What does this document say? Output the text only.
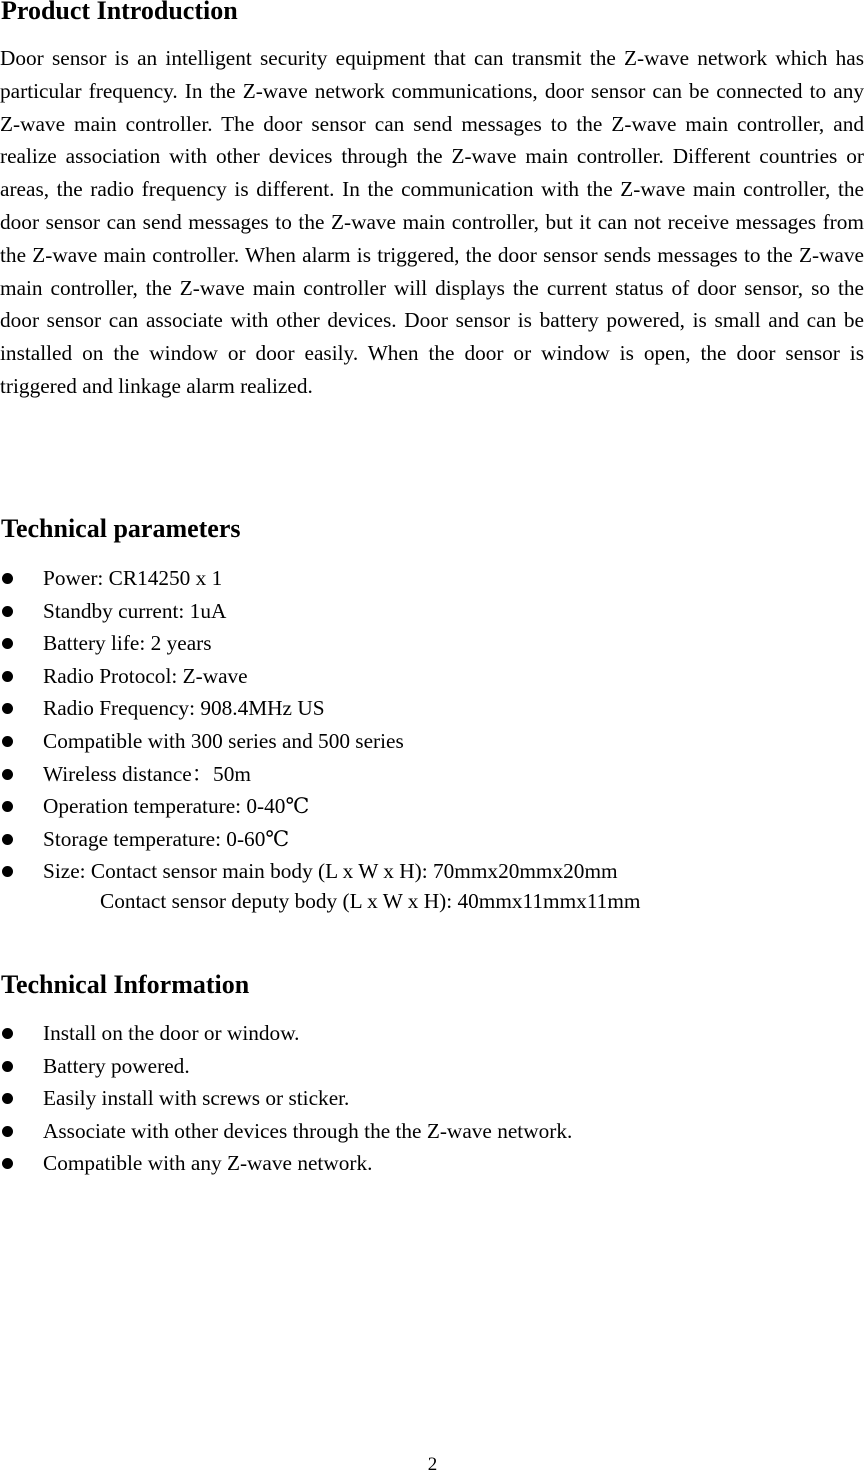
Product Introduction

Door sensor is an intelligent security equipment that can transmit the Z-wave network which has particular frequency. In the Z-wave network communications, door sensor can be connected to any Z-wave main controller. The door sensor can send messages to the Z-wave main controller, and realize association with other devices through the Z-wave main controller. Different countries or areas, the radio frequency is different. In the communication with the Z-wave main controller, the door sensor can send messages to the Z-wave main controller, but it can not receive messages from the Z-wave main controller. When alarm is triggered, the door sensor sends messages to the Z-wave main controller, the Z-wave main controller will displays the current status of door sensor, so the door sensor can associate with other devices. Door sensor is battery powered, is small and can be installed on the window or door easily. When the door or window is open, the door sensor is triggered and linkage alarm realized.

Technical parameters
Power: CR14250 x 1
Standby current: 1uA
Battery life: 2 years
Radio Protocol: Z-wave
Radio Frequency: 908.4MHz US
Compatible with 300 series and 500 series
Wireless distance：50m
Operation temperature: 0-40℃
Storage temperature: 0-60℃
Size: Contact sensor main body (L x W x H): 70mmx20mmx20mm
Contact sensor deputy body (L x W x H): 40mmx11mmx11mm
Technical Information
Install on the door or window.
Battery powered.
Easily install with screws or sticker.
Associate with other devices through the the Z-wave network.
Compatible with any Z-wave network.
2
